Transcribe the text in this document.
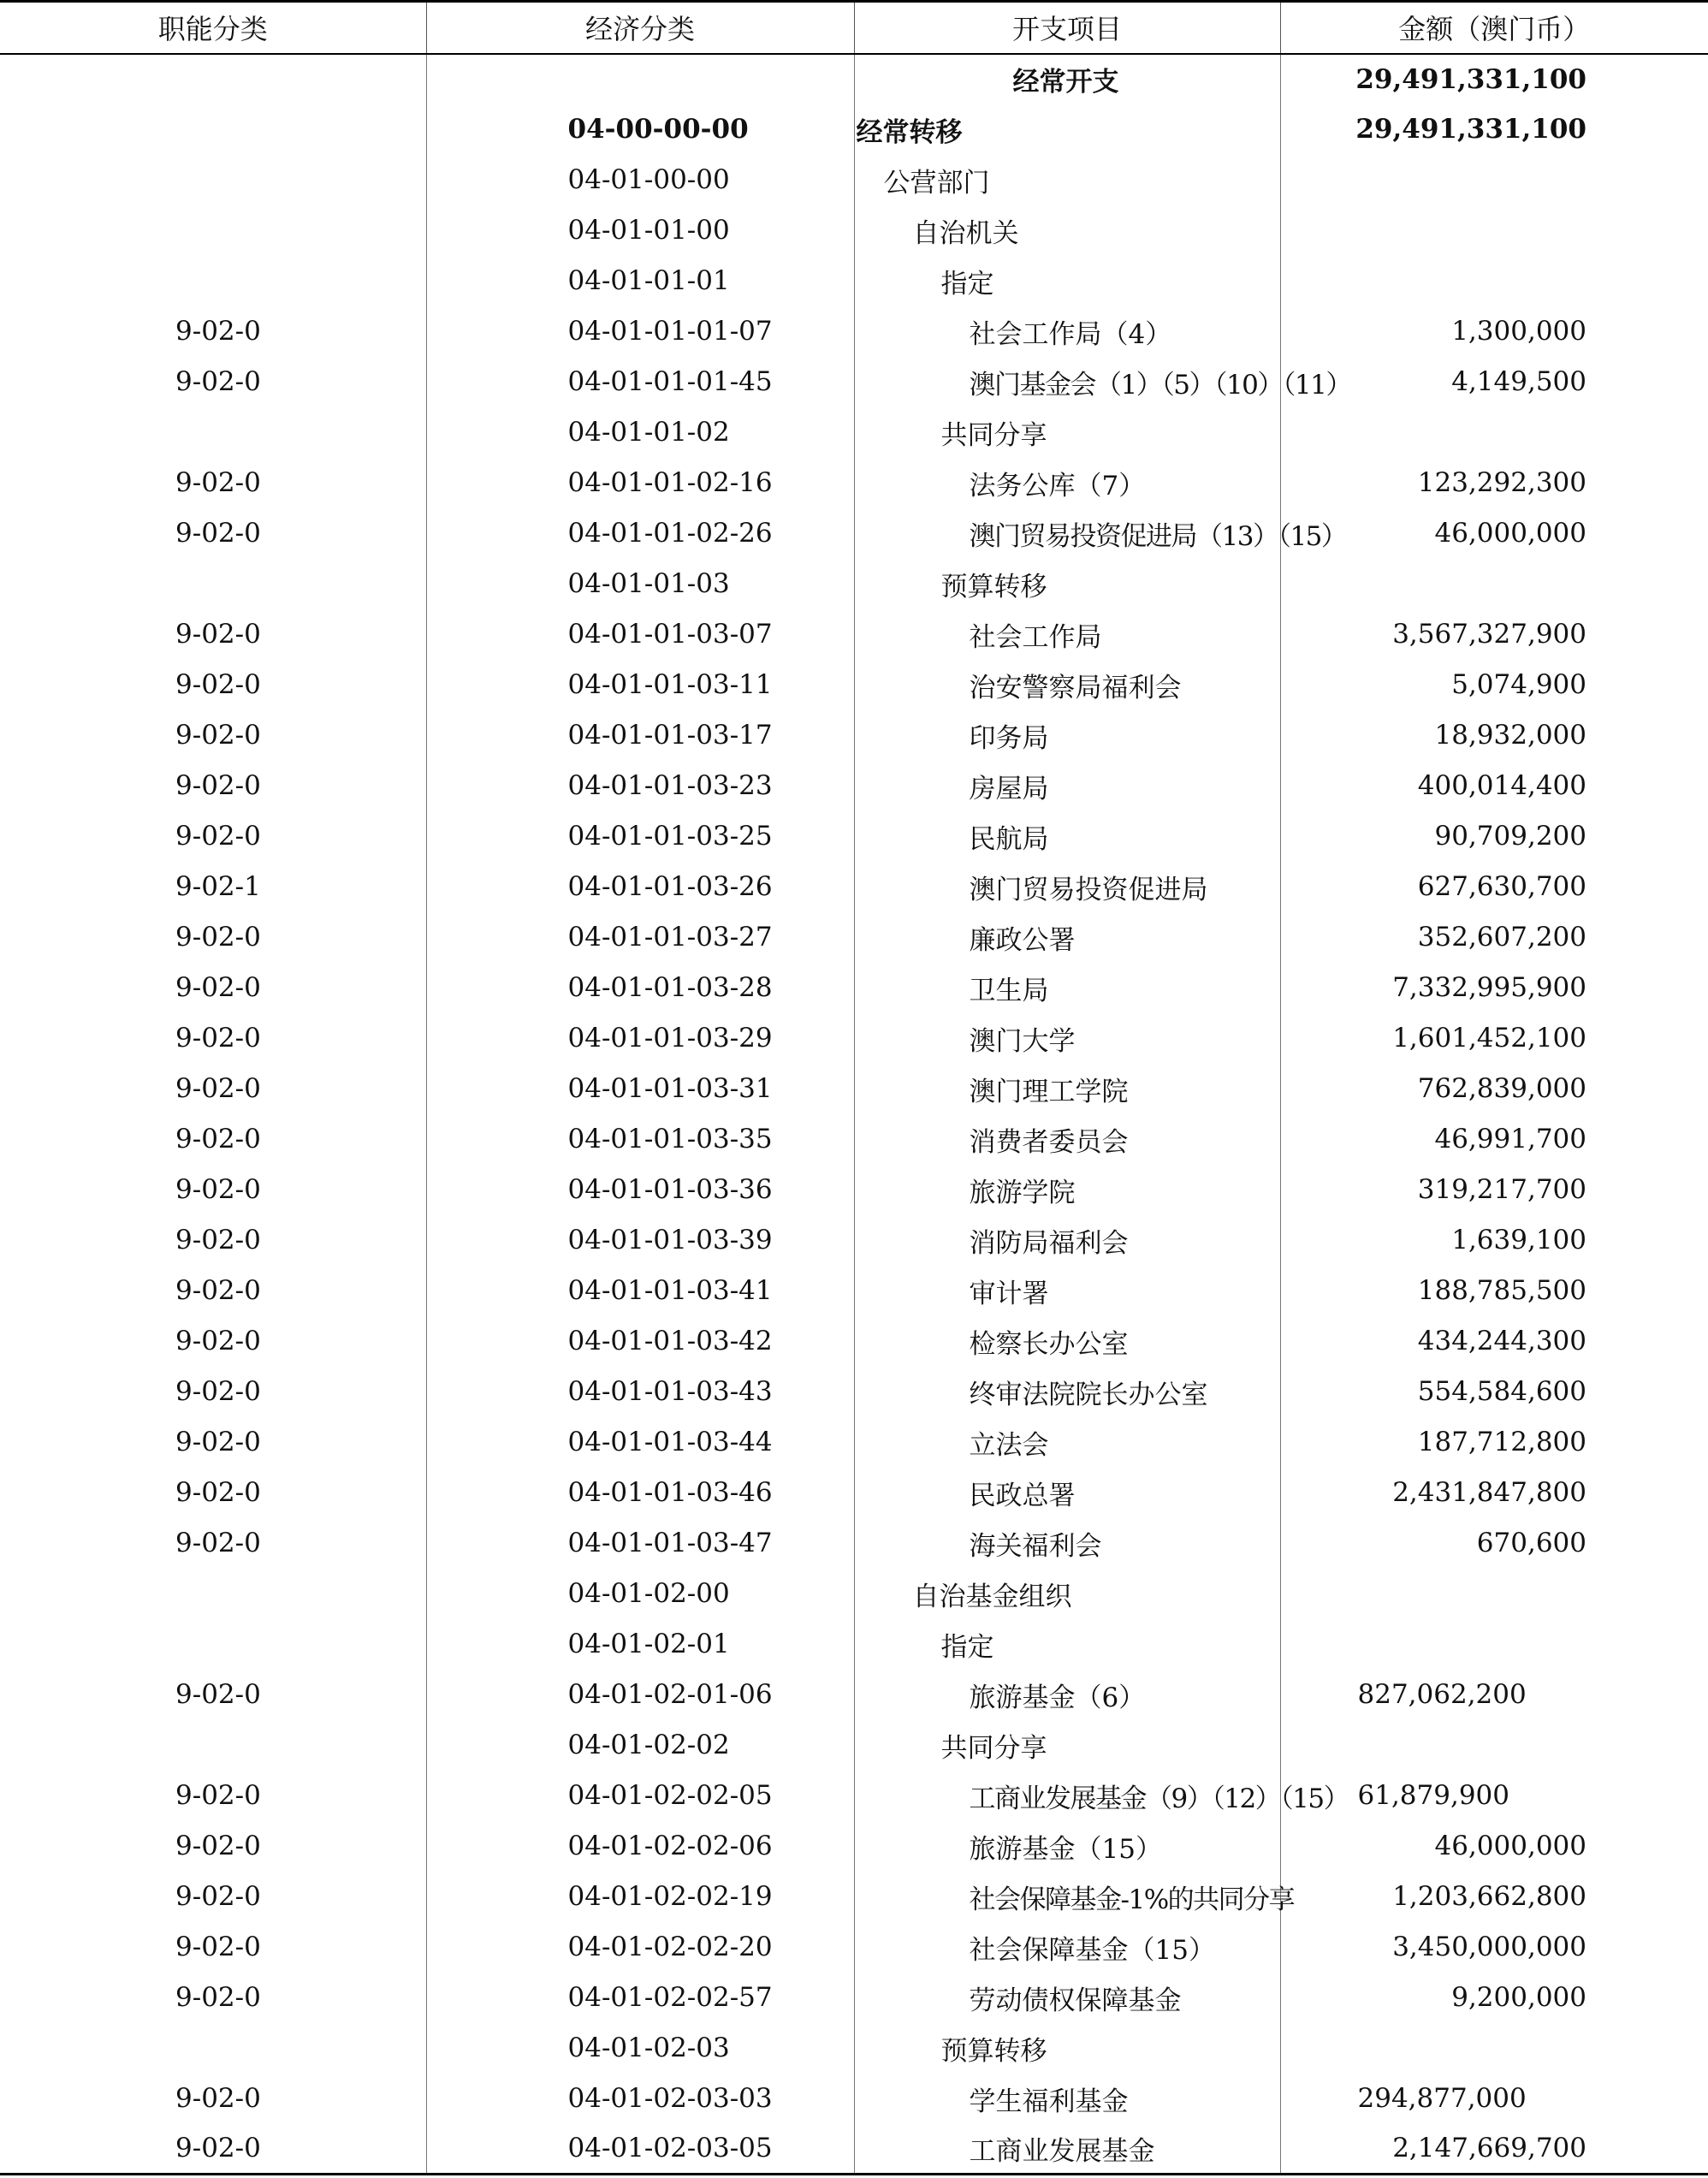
职能分类	经济分类	开支项目	金额（澳门币）
		经常开支	29,491,331,100
	04-00-00-00	经常转移	29,491,331,100
	04-01-00-00	公营部门	
	04-01-01-00	自治机关	
	04-01-01-01	指定	
9-02-0	04-01-01-01-07	社会工作局（4）	1,300,000
9-02-0	04-01-01-01-45	澳门基金会（1）（5）（10）（11）	4,149,500
	04-01-01-02	共同分享	
9-02-0	04-01-01-02-16	法务公库（7）	123,292,300
9-02-0	04-01-01-02-26	澳门贸易投资促进局（13）（15）	46,000,000
	04-01-01-03	预算转移	
9-02-0	04-01-01-03-07	社会工作局	3,567,327,900
9-02-0	04-01-01-03-11	治安警察局福利会	5,074,900
9-02-0	04-01-01-03-17	印务局	18,932,000
9-02-0	04-01-01-03-23	房屋局	400,014,400
9-02-0	04-01-01-03-25	民航局	90,709,200
9-02-1	04-01-01-03-26	澳门贸易投资促进局	627,630,700
9-02-0	04-01-01-03-27	廉政公署	352,607,200
9-02-0	04-01-01-03-28	卫生局	7,332,995,900
9-02-0	04-01-01-03-29	澳门大学	1,601,452,100
9-02-0	04-01-01-03-31	澳门理工学院	762,839,000
9-02-0	04-01-01-03-35	消费者委员会	46,991,700
9-02-0	04-01-01-03-36	旅游学院	319,217,700
9-02-0	04-01-01-03-39	消防局福利会	1,639,100
9-02-0	04-01-01-03-41	审计署	188,785,500
9-02-0	04-01-01-03-42	检察长办公室	434,244,300
9-02-0	04-01-01-03-43	终审法院院长办公室	554,584,600
9-02-0	04-01-01-03-44	立法会	187,712,800
9-02-0	04-01-01-03-46	民政总署	2,431,847,800
9-02-0	04-01-01-03-47	海关福利会	670,600
	04-01-02-00	自治基金组织	
	04-01-02-01	指定	
9-02-0	04-01-02-01-06	旅游基金（6）	827,062,200
	04-01-02-02	共同分享	
9-02-0	04-01-02-02-05	工商业发展基金（9）（12）（15）	61,879,900
9-02-0	04-01-02-02-06	旅游基金（15）	46,000,000
9-02-0	04-01-02-02-19	社会保障基金-1%的共同分享	1,203,662,800
9-02-0	04-01-02-02-20	社会保障基金（15）	3,450,000,000
9-02-0	04-01-02-02-57	劳动债权保障基金	9,200,000
	04-01-02-03	预算转移	
9-02-0	04-01-02-03-03	学生福利基金	294,877,000
9-02-0	04-01-02-03-05	工商业发展基金	2,147,669,700
